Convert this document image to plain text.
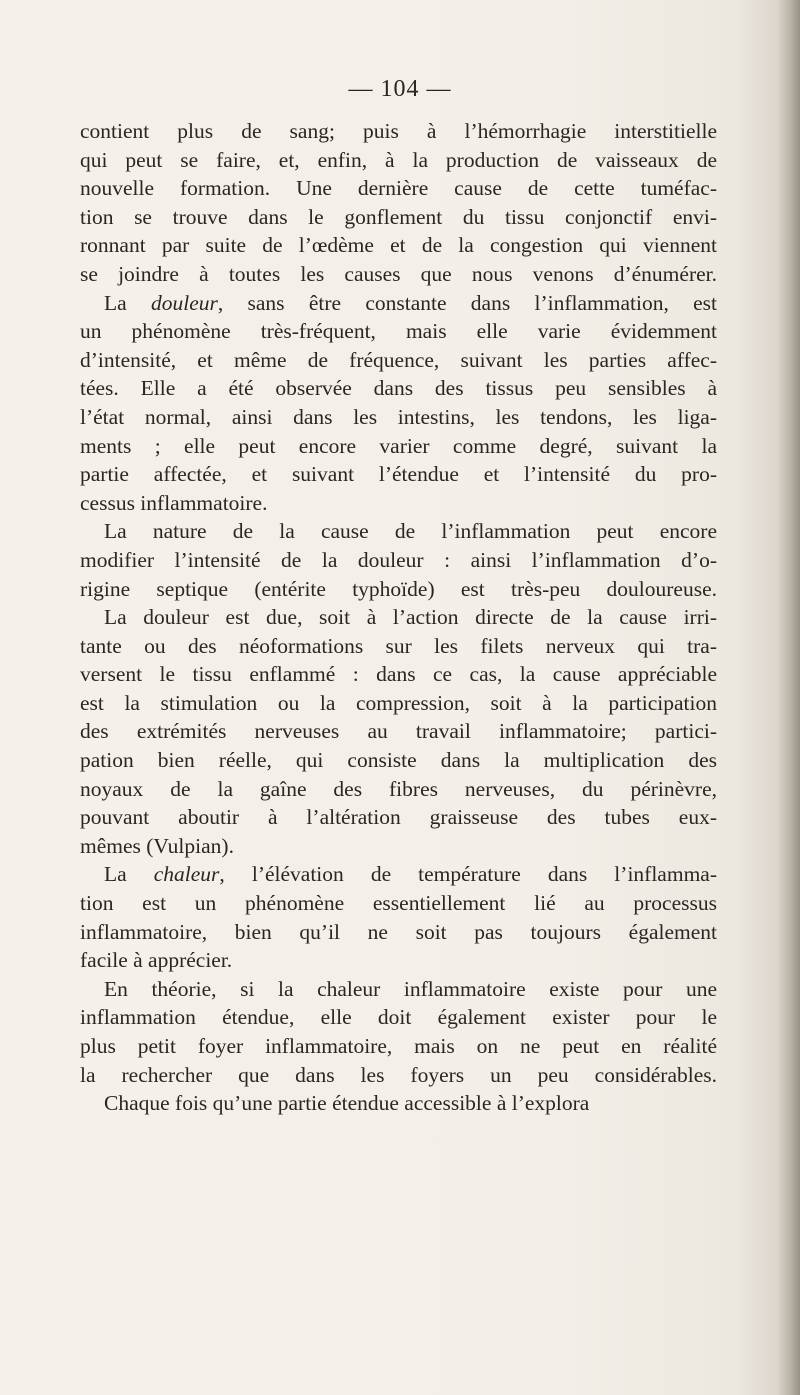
— 104 —
contient plus de sang; puis à l’hémorrhagie interstitielle
qui peut se faire, et, enfin, à la production de vaisseaux de
nouvelle formation. Une dernière cause de cette tuméfac-
tion se trouve dans le gonflement du tissu conjonctif envi-
ronnant par suite de l’œdème et de la congestion qui viennent
se joindre à toutes les causes que nous venons d’énumérer.
La douleur, sans être constante dans l’inflammation, est
un phénomène très-fréquent, mais elle varie évidemment
d’intensité, et même de fréquence, suivant les parties affec-
tées. Elle a été observée dans des tissus peu sensibles à
l’état normal, ainsi dans les intestins, les tendons, les liga-
ments ; elle peut encore varier comme degré, suivant la
partie affectée, et suivant l’étendue et l’intensité du pro-
cessus inflammatoire.
La nature de la cause de l’inflammation peut encore
modifier l’intensité de la douleur : ainsi l’inflammation d’o-
rigine septique (entérite typhoïde) est très-peu douloureuse.
La douleur est due, soit à l’action directe de la cause irri-
tante ou des néoformations sur les filets nerveux qui tra-
versent le tissu enflammé : dans ce cas, la cause appréciable
est la stimulation ou la compression, soit à la participation
des extrémités nerveuses au travail inflammatoire; partici-
pation bien réelle, qui consiste dans la multiplication des
noyaux de la gaîne des fibres nerveuses, du périnèvre,
pouvant aboutir à l’altération graisseuse des tubes eux-
mêmes (Vulpian).
La chaleur, l’élévation de température dans l’inflamma-
tion est un phénomène essentiellement lié au processus
inflammatoire, bien qu’il ne soit pas toujours également
facile à apprécier.
En théorie, si la chaleur inflammatoire existe pour une
inflammation étendue, elle doit également exister pour le
plus petit foyer inflammatoire, mais on ne peut en réalité
la rechercher que dans les foyers un peu considérables.
Chaque fois qu’une partie étendue accessible à l’explora
